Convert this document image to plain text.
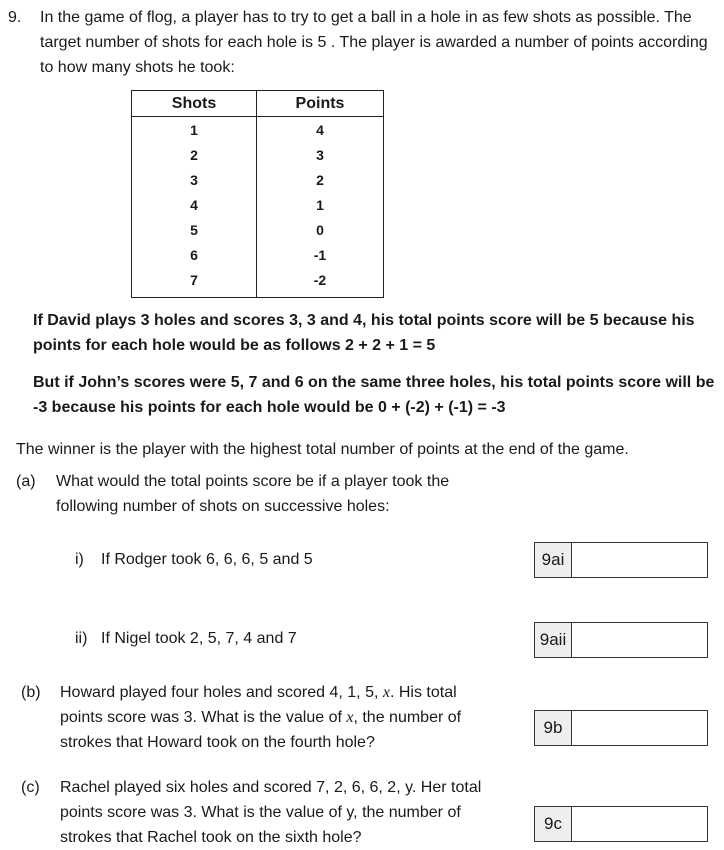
9. In the game of flog, a player has to try to get a ball in a hole in as few shots as possible. The
target number of shots for each hole is 5 . The player is awarded a number of points according
to how many shots he took:
Shots	Points
1	4
2	3
3	2
4	1
5	0
6	-1
7	-2
If David plays 3 holes and scores 3, 3 and 4, his total points score will be 5 because his
points for each hole would be as follows 2 + 2 + 1 = 5
But if John’s scores were 5, 7 and 6 on the same three holes, his total points score will be
-3 because his points for each hole would be 0 + (-2) + (-1) = -3
The winner is the player with the highest total number of points at the end of the game.
(a) What would the total points score be if a player took the
following number of shots on successive holes:
i) If Rodger took 6, 6, 6, 5 and 5	9ai
ii) If Nigel took 2, 5, 7, 4 and 7	9aii
(b) Howard played four holes and scored 4, 1, 5, x. His total
points score was 3. What is the value of x, the number of
strokes that Howard took on the fourth hole?
9b
(c) Rachel played six holes and scored 7, 2, 6, 6, 2, y. Her total
points score was 3. What is the value of y, the number of
strokes that Rachel took on the sixth hole?
9c
